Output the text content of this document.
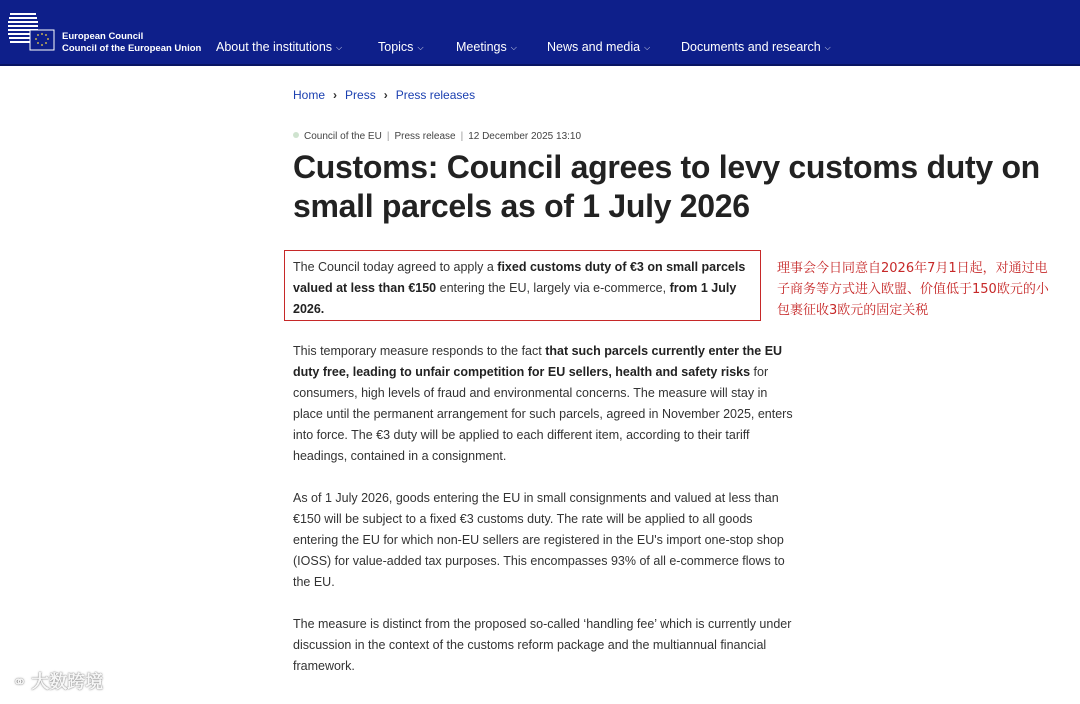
European Council
Council of the European Union About the institutions ⌵	Topics ⌵	Meetings ⌵ News and media ⌵ Documents and research ⌵
Home › Press › Press releases
Council of the EU | Press release | 12 December 2025 13:10
Customs: Council agrees to levy customs duty on small parcels as of 1 July 2026

The Council today agreed to apply a fixed customs duty of €3 on small parcels valued at less than €150 entering the EU, largely via e-commerce, from 1 July 2026.

理事会今日同意自2026年7月1日起，对通过电子商务等方式进入欧盟、价值低于150欧元的小包裹征收3欧元的固定关税

This temporary measure responds to the fact that such parcels currently enter the EU duty free, leading to unfair competition for EU sellers, health and safety risks for consumers, high levels of fraud and environmental concerns. The measure will stay in place until the permanent arrangement for such parcels, agreed in November 2025, enters into force. The €3 duty will be applied to each different item, according to their tariff headings, contained in a consignment.

As of 1 July 2026, goods entering the EU in small consignments and valued at less than €150 will be subject to a fixed €3 customs duty. The rate will be applied to all goods entering the EU for which non-EU sellers are registered in the EU's import one-stop shop (IOSS) for value-added tax purposes. This encompasses 93% of all e-commerce flows to the EU.

The measure is distinct from the proposed so-called ‘handling fee’ which is currently under discussion in the context of the customs reform package and the multiannual financial framework.

⚭ 大数跨境
